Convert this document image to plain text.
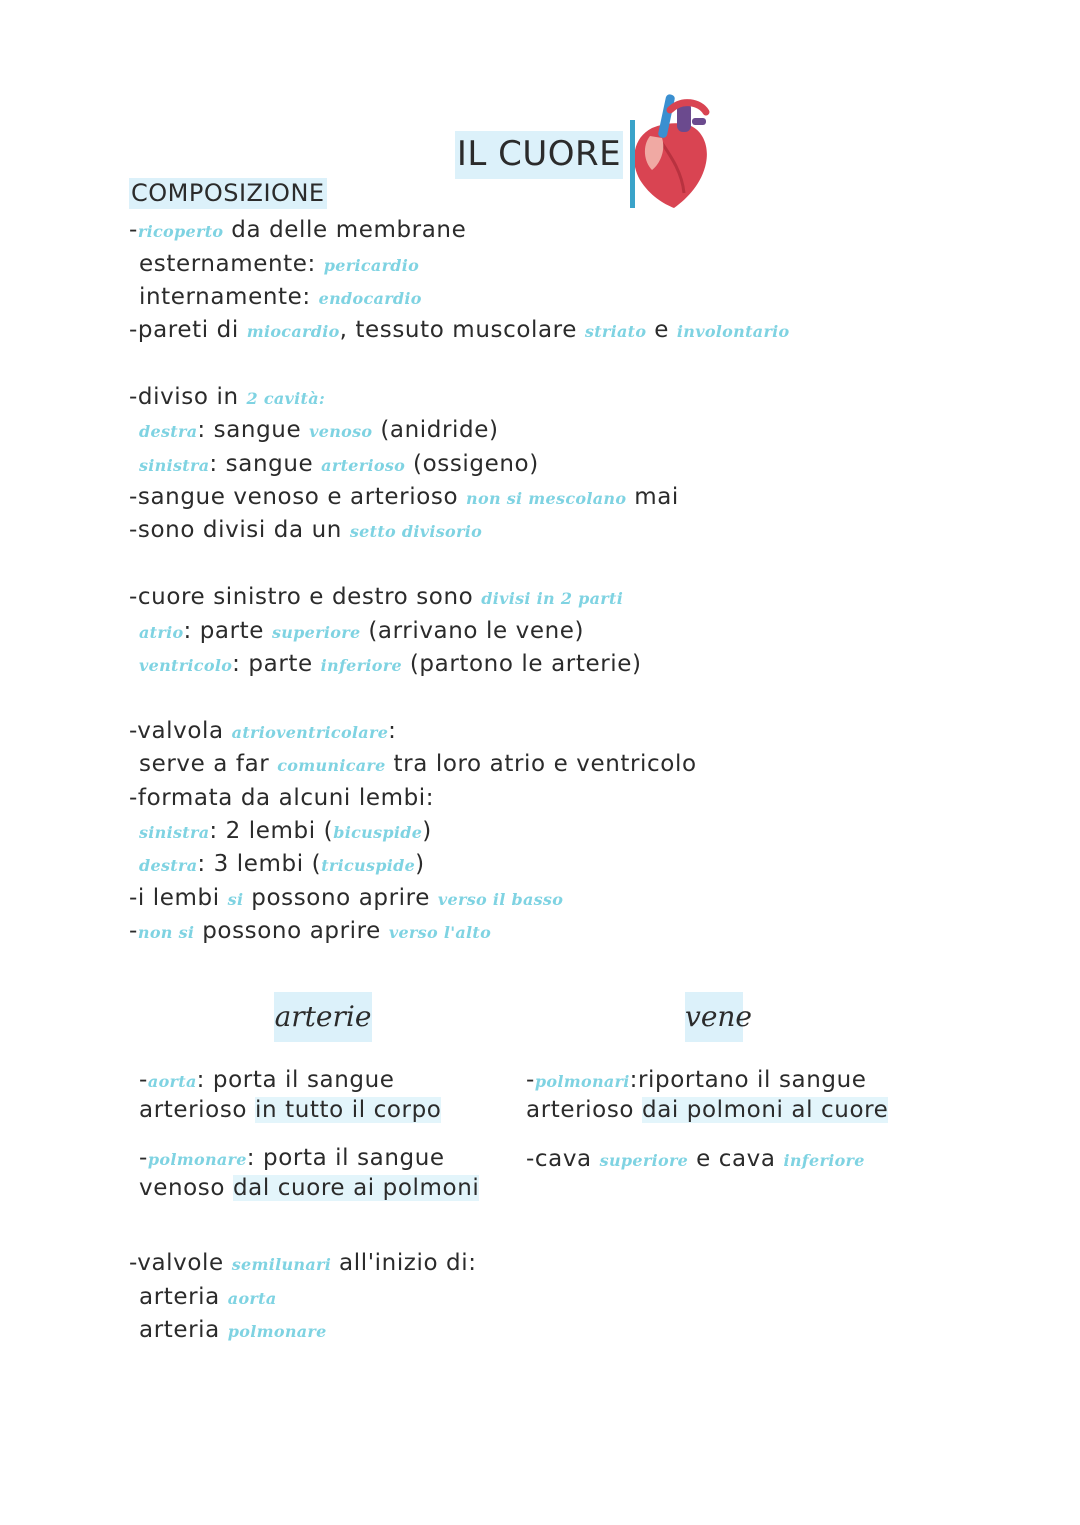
IL CUORE
COMPOSIZIONE
-ricoperto da delle membrane
esternamente: pericardio
internamente: endocardio
-pareti di miocardio, tessuto muscolare striato e involontario
-diviso in 2 cavità:
destra: sangue venoso (anidride)
sinistra: sangue arterioso (ossigeno)
-sangue venoso e arterioso non si mescolano mai
-sono divisi da un setto divisorio
-cuore sinistro e destro sono divisi in 2 parti
atrio: parte superiore (arrivano le vene)
ventricolo: parte inferiore (partono le arterie)
-valvola atrioventricolare:
serve a far comunicare tra loro atrio e ventricolo
-formata da alcuni lembi:
sinistra: 2 lembi (bicuspide)
destra: 3 lembi (tricuspide)
-i lembi si possono aprire verso il basso
-non si possono aprire verso l'alto
arterie	vene
-aorta: porta il sangue
arterioso in tutto il corpo
-polmonare: porta il sangue
venoso dal cuore ai polmoni
-polmonari:riportano il sangue
arterioso dai polmoni al cuore
-cava superiore e cava inferiore
-valvole semilunari all'inizio di:
arteria aorta
arteria polmonare
